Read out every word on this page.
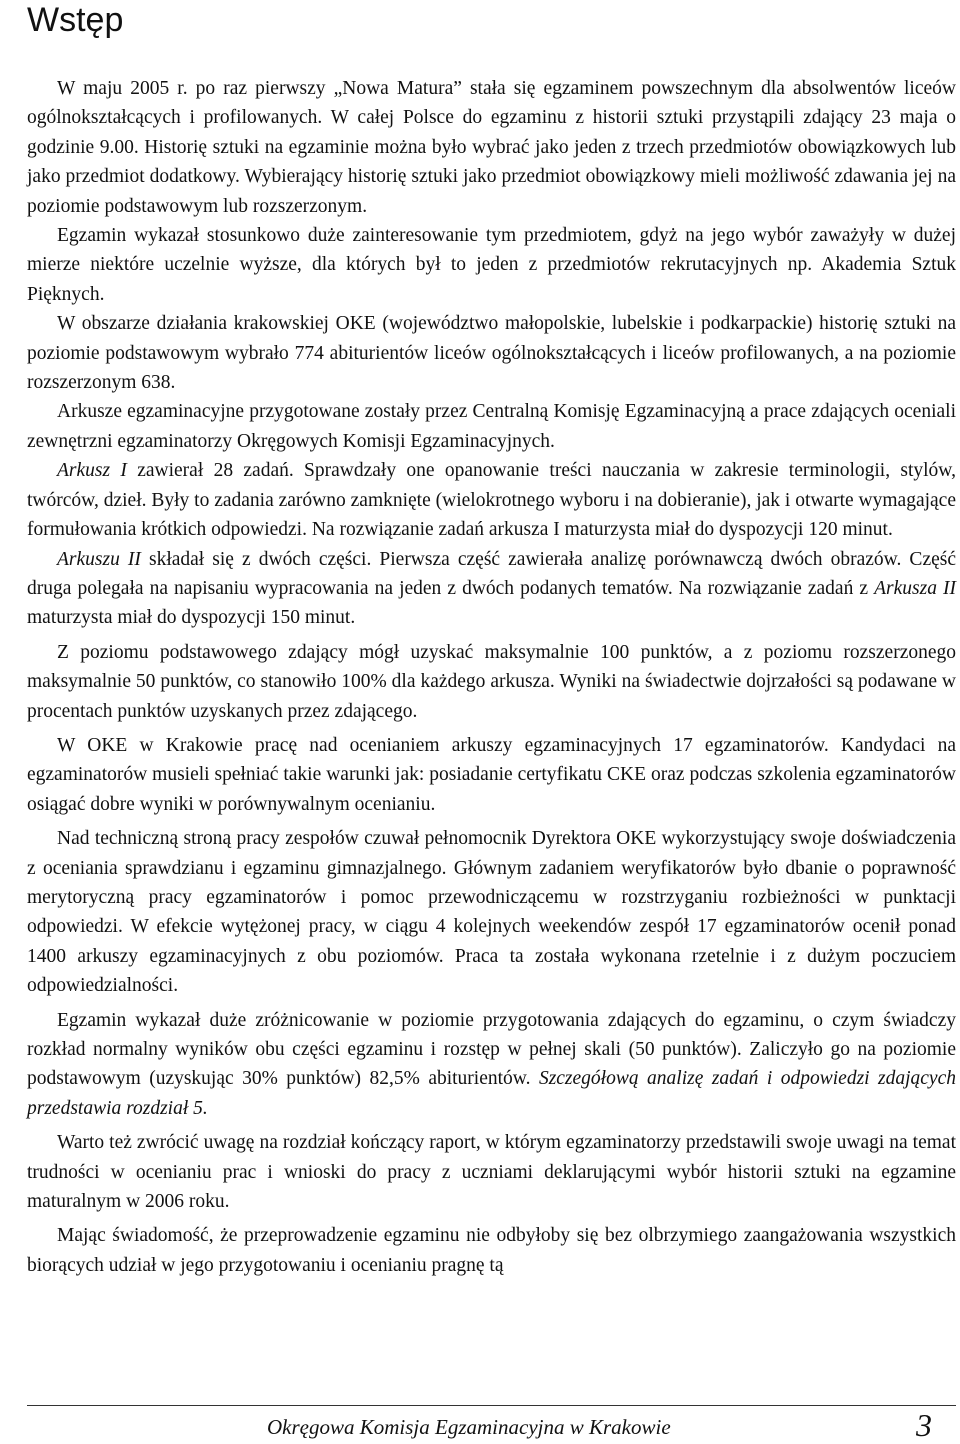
Wstęp

W maju 2005 r. po raz pierwszy „Nowa Matura” stała się egzaminem powszechnym dla absolwentów liceów ogólnokształcących i profilowanych. W całej Polsce do egzaminu z historii sztuki przystąpili zdający 23 maja o godzinie 9.00. Historię sztuki na egzaminie można było wybrać jako jeden z trzech przedmiotów obowiązkowych lub jako przedmiot dodatkowy. Wybierający historię sztuki jako przedmiot obowiązkowy mieli możliwość zdawania jej na poziomie podstawowym lub rozszerzonym.

Egzamin wykazał stosunkowo duże zainteresowanie tym przedmiotem, gdyż na jego wybór zaważyły w dużej mierze niektóre uczelnie wyższe, dla których był to jeden z przedmiotów rekrutacyjnych np. Akademia Sztuk Pięknych.

W obszarze działania krakowskiej OKE (województwo małopolskie, lubelskie i podkarpackie) historię sztuki na poziomie podstawowym wybrało 774 abiturientów liceów ogólnokształcących i liceów profilowanych, a na poziomie rozszerzonym 638.

Arkusze egzaminacyjne przygotowane zostały przez Centralną Komisję Egzaminacyjną a prace zdających oceniali zewnętrzni egzaminatorzy Okręgowych Komisji Egzaminacyjnych.

Arkusz I zawierał 28 zadań. Sprawdzały one opanowanie treści nauczania w zakresie terminologii, stylów, twórców, dzieł. Były to zadania zarówno zamknięte (wielokrotnego wyboru i na dobieranie), jak i otwarte wymagające formułowania krótkich odpowiedzi. Na rozwiązanie zadań arkusza I maturzysta miał do dyspozycji 120 minut.

Arkuszu II składał się z dwóch części. Pierwsza część zawierała analizę porównawczą dwóch obrazów. Część druga polegała na napisaniu wypracowania na jeden z dwóch podanych tematów. Na rozwiązanie zadań z Arkusza II maturzysta miał do dyspozycji 150 minut.

Z poziomu podstawowego zdający mógł uzyskać maksymalnie 100 punktów, a z poziomu rozszerzonego maksymalnie 50 punktów, co stanowiło 100% dla każdego arkusza. Wyniki na świadectwie dojrzałości są podawane w procentach punktów uzyskanych przez zdającego.

W OKE w Krakowie pracę nad ocenianiem arkuszy egzaminacyjnych 17 egzaminatorów. Kandydaci na egzaminatorów musieli spełniać takie warunki jak: posiadanie certyfikatu CKE oraz podczas szkolenia egzaminatorów osiągać dobre wyniki w porównywalnym ocenianiu.

Nad techniczną stroną pracy zespołów czuwał pełnomocnik Dyrektora OKE wykorzystujący swoje doświadczenia z oceniania sprawdzianu i egzaminu gimnazjalnego. Głównym zadaniem weryfikatorów było dbanie o poprawność merytoryczną pracy egzaminatorów i pomoc przewodniczącemu w rozstrzyganiu rozbieżności w punktacji odpowiedzi. W efekcie wytężonej pracy, w ciągu 4 kolejnych weekendów zespół 17 egzaminatorów ocenił ponad 1400 arkuszy egzaminacyjnych z obu poziomów. Praca ta została wykonana rzetelnie i z dużym poczuciem odpowiedzialności.

Egzamin wykazał duże zróżnicowanie w poziomie przygotowania zdających do egzaminu, o czym świadczy rozkład normalny wyników obu części egzaminu i rozstęp w pełnej skali (50 punktów). Zaliczyło go na poziomie podstawowym (uzyskując 30% punktów) 82,5% abiturientów. Szczegółową analizę zadań i odpowiedzi zdających przedstawia rozdział 5.

Warto też zwrócić uwagę na rozdział kończący raport, w którym egzaminatorzy przedstawili swoje uwagi na temat trudności w ocenianiu prac i wnioski do pracy z uczniami deklarującymi wybór historii sztuki na egzamine maturalnym w 2006 roku.

Mając świadomość, że przeprowadzenie egzaminu nie odbyłoby się bez olbrzymiego zaangażowania wszystkich biorących udział w jego przygotowaniu i ocenianiu pragnę tą

Okręgowa Komisja Egzaminacyjna w Krakowie	3
